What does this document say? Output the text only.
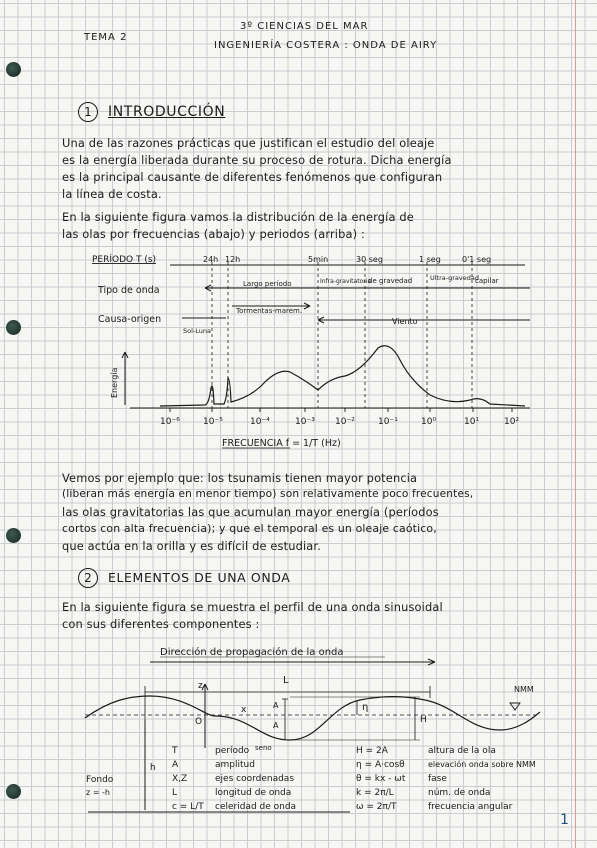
TEMA 2
3º CIENCIAS DEL MAR
INGENIERÍA COSTERA : ONDA DE AIRY
1	INTRODUCCIÓN
Una de las razones prácticas que justifican el estudio del oleaje
es la energía liberada durante su proceso de rotura. Dicha energía
es la principal causante de diferentes fenómenos que configuran
la línea de costa.
En la siguiente figura vamos la distribución de la energía de
las olas por frecuencias (abajo) y periodos (arriba) :
PERÍODO T (s)	24h 12h	5min	30 seg	1 seg	0'1 seg
Tipo de onda
Largo período	Infra-gravitatoria
de gravedad	Ultra-gravedad
capilar
Causa-origen
Sol-Luna
Tormentas-marem.
Viento
Energía
10⁻⁶	10⁻⁵	10⁻⁴	10⁻³ 10⁻²	10⁻¹	10⁰	10¹	10²
FRECUENCIA f = 1/T (Hz)
Vemos por ejemplo que: los tsunamis tienen mayor potencia
(liberan más energía en menor tiempo) son relativamente poco frecuentes,
las olas gravitatorias las que acumulan mayor energía (períodos
cortos con alta frecuencia); y que el temporal es un oleaje caótico,
que actúa en la orilla y es difícil de estudiar.
2	ELEMENTOS DE UNA ONDA
En la siguiente figura se muestra el perfil de una onda sinusoidal
con sus diferentes componentes :
Dirección de propagación de la onda
L
z
x
O
A
A
η
H
h
seno
NMM
Fondo
z = -h
T	período
A	amplitud
X,Z	ejes coordenadas
L	longitud de onda
c = L/T celeridad de onda
H = 2A	altura de la ola
η = A·cosθ	elevación onda sobre NMM
θ = kx - ωt	fase
k = 2π/L	núm. de onda
ω = 2π/T	frecuencia angular
1
